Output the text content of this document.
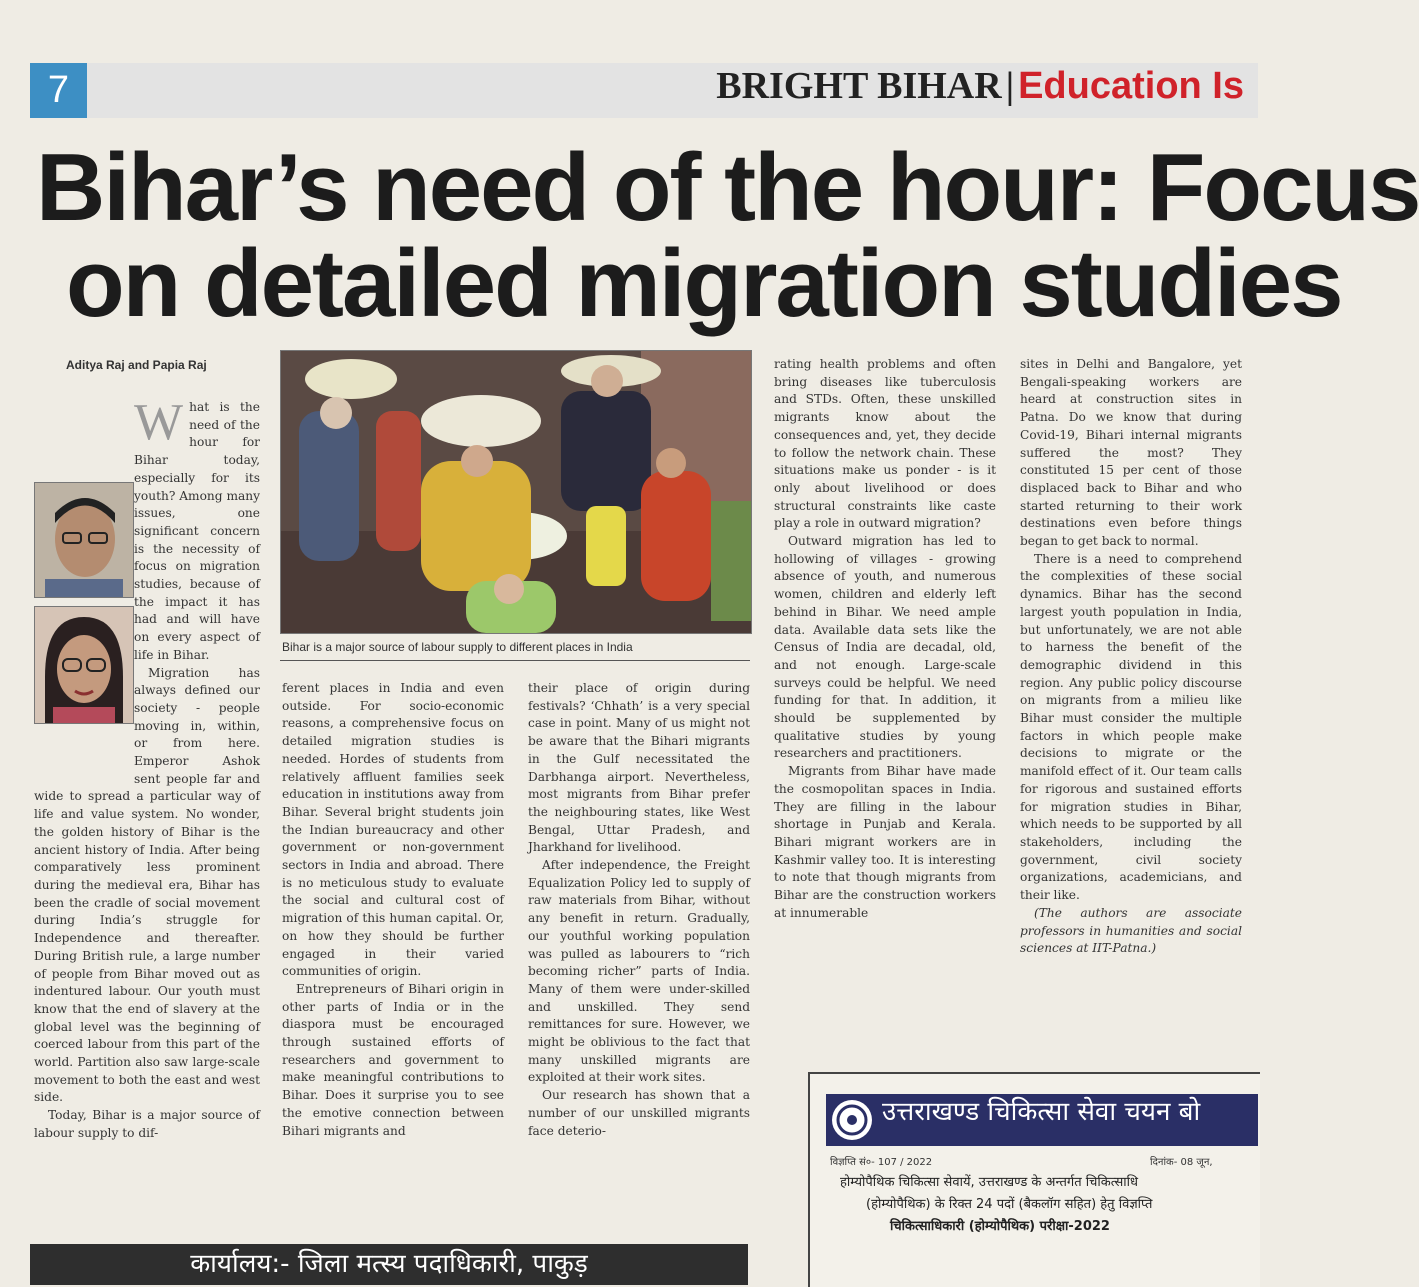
7	BRIGHT BIHAR | Education Is
Bihar’s need of the hour: Focus
on detailed migration studies
Aditya Raj and Papia Raj
Bihar is a major source of labour supply to different places in India
W hat is the need of the hour for Bihar today, especially for its youth? Among many issues, one significant concern is the necessity of focus on migration studies, because of the impact it has had and will have on every aspect of life in Bihar.

Migration has always defined our society - people moving in, within, or from here. Emperor Ashok sent people far and wide to spread a particular way of life and value system. No wonder, the golden history of Bihar is the ancient history of India. After being comparatively less prominent during the medieval era, Bihar has been the cradle of social movement during India’s struggle for Independence and thereafter. During British rule, a large number of people from Bihar moved out as indentured labour. Our youth must know that the end of slavery at the global level was the beginning of coerced labour from this part of the world. Partition also saw large-scale movement to both the east and west side.

Today, Bihar is a major source of labour supply to dif-

ferent places in India and even outside. For socio-economic reasons, a comprehensive focus on detailed migration studies is needed. Hordes of students from relatively affluent families seek education in institutions away from Bihar. Several bright students join the Indian bureaucracy and other government or non-government sectors in India and abroad. There is no meticulous study to evaluate the social and cultural cost of migration of this human capital. Or, on how they should be further engaged in their varied communities of origin.

Entrepreneurs of Bihari origin in other parts of India or in the diaspora must be encouraged through sustained efforts of researchers and government to make meaningful contributions to Bihar. Does it surprise you to see the emotive connection between Bihari migrants and

their place of origin during festivals? ‘Chhath’ is a very special case in point. Many of us might not be aware that the Bihari migrants in the Gulf necessitated the Darbhanga airport. Nevertheless, most migrants from Bihar prefer the neighbouring states, like West Bengal, Uttar Pradesh, and Jharkhand for livelihood.

After independence, the Freight Equalization Policy led to supply of raw materials from Bihar, without any benefit in return. Gradually, our youthful working population was pulled as labourers to “rich becoming richer” parts of India. Many of them were under-skilled and unskilled. They send remittances for sure. However, we might be oblivious to the fact that many unskilled migrants are exploited at their work sites.

Our research has shown that a number of our unskilled migrants face deterio-

rating health problems and often bring diseases like tuberculosis and STDs. Often, these unskilled migrants know about the consequences and, yet, they decide to follow the network chain. These situations make us ponder - is it only about livelihood or does structural constraints like caste play a role in outward migration?

Outward migration has led to hollowing of villages - growing absence of youth, and numerous women, children and elderly left behind in Bihar. We need ample data. Available data sets like the Census of India are decadal, old, and not enough. Large-scale surveys could be helpful. We need funding for that. In addition, it should be supplemented by qualitative studies by young researchers and practitioners.

Migrants from Bihar have made the cosmopolitan spaces in India. They are filling in the labour shortage in Punjab and Kerala. Bihari migrant workers are in Kashmir valley too. It is interesting to note that though migrants from Bihar are the construction workers at innumerable

sites in Delhi and Bangalore, yet Bengali-speaking workers are heard at construction sites in Patna. Do we know that during Covid-19, Bihari internal migrants suffered the most? They constituted 15 per cent of those displaced back to Bihar and who started returning to their work destinations even before things began to get back to normal.

There is a need to comprehend the complexities of these social dynamics. Bihar has the second largest youth population in India, but unfortunately, we are not able to harness the benefit of the demographic dividend in this region. Any public policy discourse on migrants from a milieu like Bihar must consider the multiple factors in which people make decisions to migrate or the manifold effect of it. Our team calls for rigorous and sustained efforts for migration studies in Bihar, which needs to be supported by all stakeholders, including the government, civil society organizations, academicians, and their like.

(The authors are associate professors in humanities and social sciences at IIT-Patna.)

उत्तराखण्ड चिकित्सा सेवा चयन बो
विज्ञप्ति सं०- 107 / 2022	दिनांक- 08 जून,
होम्योपैथिक चिकित्सा सेवायें, उत्तराखण्ड के अन्तर्गत चिकित्साधि
(होम्योपैथिक) के रिक्त 24 पदों (बैकलॉग सहित) हेतु विज्ञप्ति
चिकित्साधिकारी (होम्योपैथिक) परीक्षा-2022
कार्यालय:- जिला मत्स्य पदाधिकारी, पाकुड़
